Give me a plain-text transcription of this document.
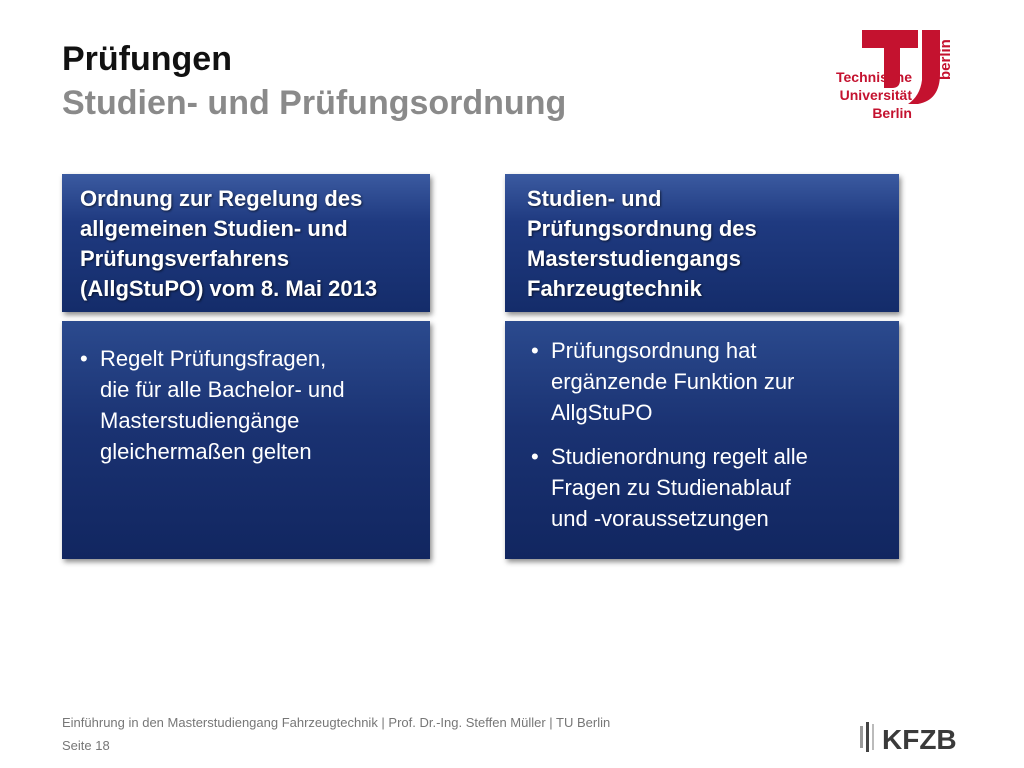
Prüfungen
Studien- und Prüfungsordnung
berlin
Technische
Universität
Berlin
Ordnung zur Regelung des
allgemeinen Studien- und
Prüfungsverfahrens
(AllgStuPO) vom 8. Mai 2013
Studien- und
Prüfungsordnung des
Masterstudiengangs
Fahrzeugtechnik
• Regelt Prüfungsfragen,
die für alle Bachelor- und
Masterstudiengänge
gleichermaßen gelten
• Prüfungsordnung hat
ergänzende Funktion zur
AllgStuPO
• Studienordnung regelt alle
Fragen zu Studienablauf
und -voraussetzungen
Einführung in den Masterstudiengang Fahrzeugtechnik | Prof. Dr.-Ing. Steffen Müller | TU Berlin
Seite 18	KFZB
